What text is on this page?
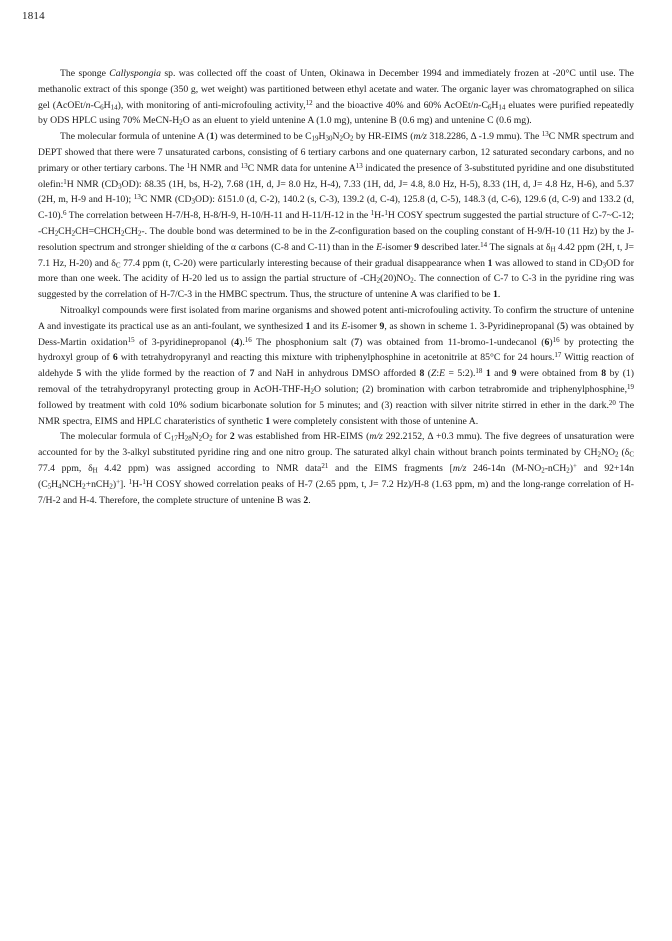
1814

The sponge Callyspongia sp. was collected off the coast of Unten, Okinawa in December 1994 and immediately frozen at -20°C until use. The methanolic extract of this sponge (350 g, wet weight) was partitioned between ethyl acetate and water. The organic layer was chromatographed on silica gel $(AcOEt/n-C_6H_{14})$, with monitoring of anti-microfouling activity,$^{12}$ and the bioactive 40% and 60% AcOEt/$n-C_6H_{14}$ eluates were purified repeatedly by ODS HPLC using 70% MeCN-$H_2O$ as an eluent to yield untenine A (1.0 mg), untenine B (0.6 mg) and untenine C (0.6 mg).

The molecular formula of untenine A (1) was determined to be $C_{19}H_{30}N_2O_2$ by HR-EIMS (m/z 318.2286, Δ -1.9 mmu). The $^{13}$C NMR spectrum and DEPT showed that there were 7 unsaturated carbons, consisting of 6 tertiary carbons and one quaternary carbon, 12 saturated secondary carbons, and no primary or other tertiary carbons. The $^1$H NMR and $^{13}$C NMR data for untenine $A^{13}$ indicated the presence of 3-substituted pyridine and one disubstituted olefin:$^1$H NMR $(CD_3OD)$: δ8.35 (1H, bs, H-2), 7.68 (1H, d, J= 8.0 Hz, H-4), 7.33 (1H, dd, J= 4.8, 8.0 Hz, H-5), 8.33 (1H, d, J= 4.8 Hz, H-6), and 5.37 (2H, m, H-9 and H-10); $^{13}$C NMR $(CD_3OD)$: δ151.0 (d, C-2), 140.2 (s, C-3), 139.2 (d, C-4), 125.8 (d, C-5), 148.3 (d, C-6), 129.6 (d, C-9) and 133.2 (d, C-10).$^6$ The correlation between H-7/H-8, H-8/H-9, H-10/H-11 and H-11/H-12 in the $^1$H-$^1$H COSY spectrum suggested the partial structure of C-7~C-12; $-CH_2CH_2CH=CHCH_2CH_2-$. The double bond was determined to be in the Z-configuration based on the coupling constant of H-9/H-10 (11 Hz) by the J-resolution spectrum and stronger shielding of the α carbons (C-8 and C-11) than in the E-isomer 9 described later.$^{14}$ The signals at $\delta_H$ 4.42 ppm (2H, t, J= 7.1 Hz, H-20) and $\delta_C$ 77.4 ppm (t, C-20) were particularly interesting because of their gradual disappearance when 1 was allowed to stand in $CD_3OD$ for more than one week. The acidity of H-20 led us to assign the partial structure of $-CH_2(20)NO_2$. The connection of C-7 to C-3 in the pyridine ring was suggested by the correlation of H-7/C-3 in the HMBC spectrum. Thus, the structure of untenine A was clarified to be 1.

Nitroalkyl compounds were first isolated from marine organisms and showed potent anti-microfouling activity. To confirm the structure of untenine A and investigate its practical use as an anti-foulant, we synthesized 1 and its E-isomer 9, as shown in scheme 1. 3-Pyridinepropanal (5) was obtained by Dess-Martin oxidation$^{15}$ of 3-pyridinepropanol (4).$^{16}$ The phosphonium salt (7) was obtained from 11-bromo-1-undecanol $(6)^{16}$ by protecting the hydroxyl group of 6 with tetrahydropyranyl and reacting this mixture with triphenylphosphine in acetonitrile at 85°C for 24 hours.$^{17}$ Wittig reaction of aldehyde 5 with the ylide formed by the reaction of 7 and NaH in anhydrous DMSO afforded 8 (Z:E = 5:2).$^{18}$ 1 and 9 were obtained from 8 by (1) removal of the tetrahydropyranyl protecting group in AcOH-$THF-H_2O$ solution; (2) bromination with carbon tetrabromide and triphenylphosphine,$^{19}$ followed by treatment with cold 10% sodium bicarbonate solution for 5 minutes; and (3) reaction with silver nitrite stirred in ether in the dark.$^{20}$ The NMR spectra, EIMS and HPLC charateristics of synthetic 1 were completely consistent with those of untenine A.

The molecular formula of $C_{17}H_{28}N_2O_2$ for 2 was established from HR-EIMS (m/z 292.2152, Δ +0.3 mmu). The five degrees of unsaturation were accounted for by the 3-alkyl substituted pyridine ring and one nitro group. The saturated alkyl chain without branch points terminated by $CH_2NO_2$ ($\delta_C$ 77.4 ppm, $\delta_H$ 4.42 ppm) was assigned according to NMR data$^{21}$ and the EIMS fragments [m/z 246-14n $(M-NO_2-nCH_2)^+$ and 92+14n $(C_5H_4NCH_2+nCH_2)^+$]. $^1$H-$^1$H COSY showed correlation peaks of H-7 (2.65 ppm, t, J= 7.2 Hz)/H-8 (1.63 ppm, m) and the long-range correlation of H-7/H-2 and H-4. Therefore, the complete structure of untenine B was 2.
